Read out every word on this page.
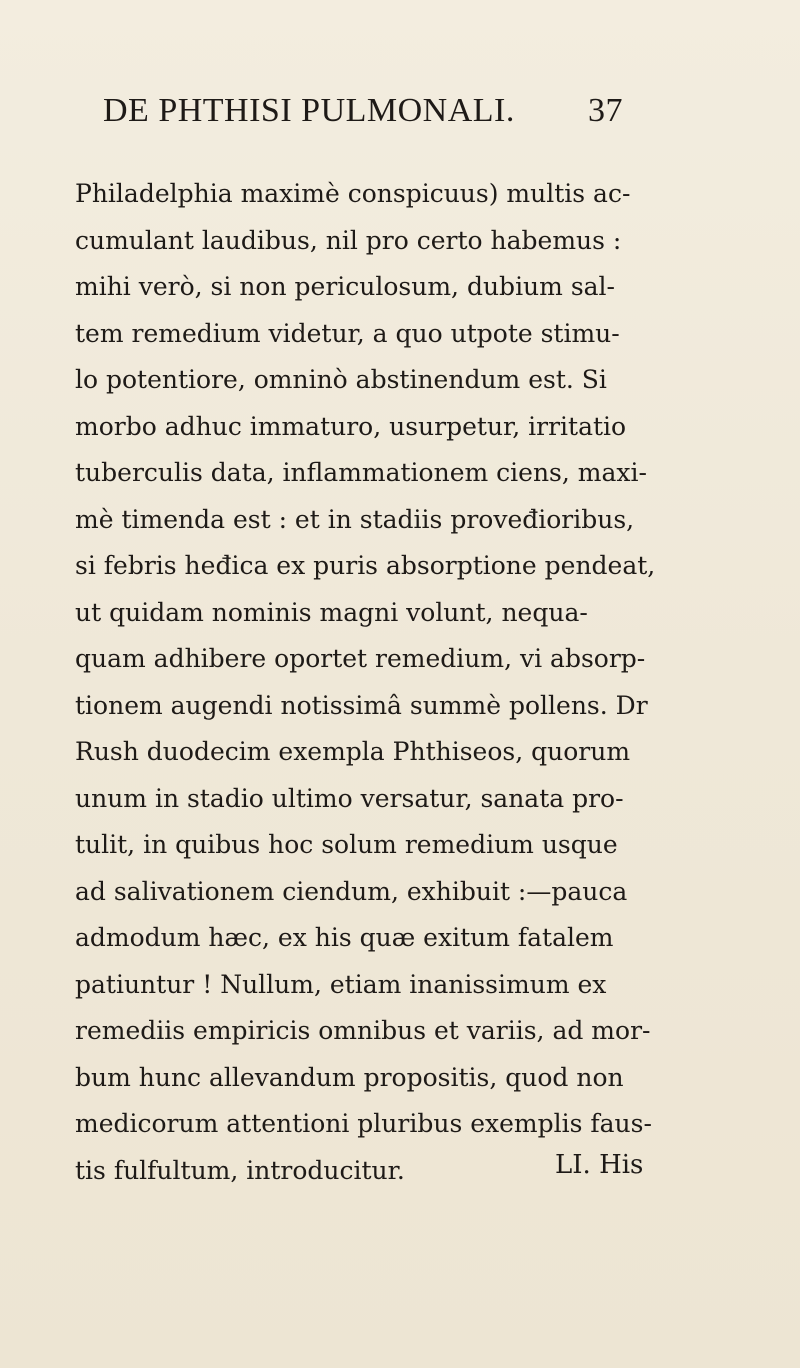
DE PHTHISI PULMONALI. 37
Philadelphia maximè conspicuus) multis ac-
cumulant laudibus, nil pro certo habemus :
mihi verò, si non periculosum, dubium sal-
tem remedium videtur, a quo utpote stimu-
lo potentiore, omninò abstinendum est. Si
morbo adhuc immaturo, usurpetur, irritatio
tuberculis data, inflammationem ciens, maxi-
mè timenda est : et in stadiis proveđioribus,
si febris heđica ex puris absorptione pendeat,
ut quidam nominis magni volunt, nequa-
quam adhibere oportet remedium, vi absorp-
tionem augendi notissimâ summè pollens. Dr
Rush duodecim exempla Phthiseos, quorum
unum in stadio ultimo versatur, sanata pro-
tulit, in quibus hoc solum remedium usque
ad salivationem ciendum, exhibuit :—pauca
admodum hæc, ex his quæ exitum fatalem
patiuntur ! Nullum, etiam inanissimum ex
remediis empiricis omnibus et variis, ad mor-
bum hunc allevandum propositis, quod non
medicorum attentioni pluribus exemplis faus-
tis fulfultum, introducitur.	LI. His
